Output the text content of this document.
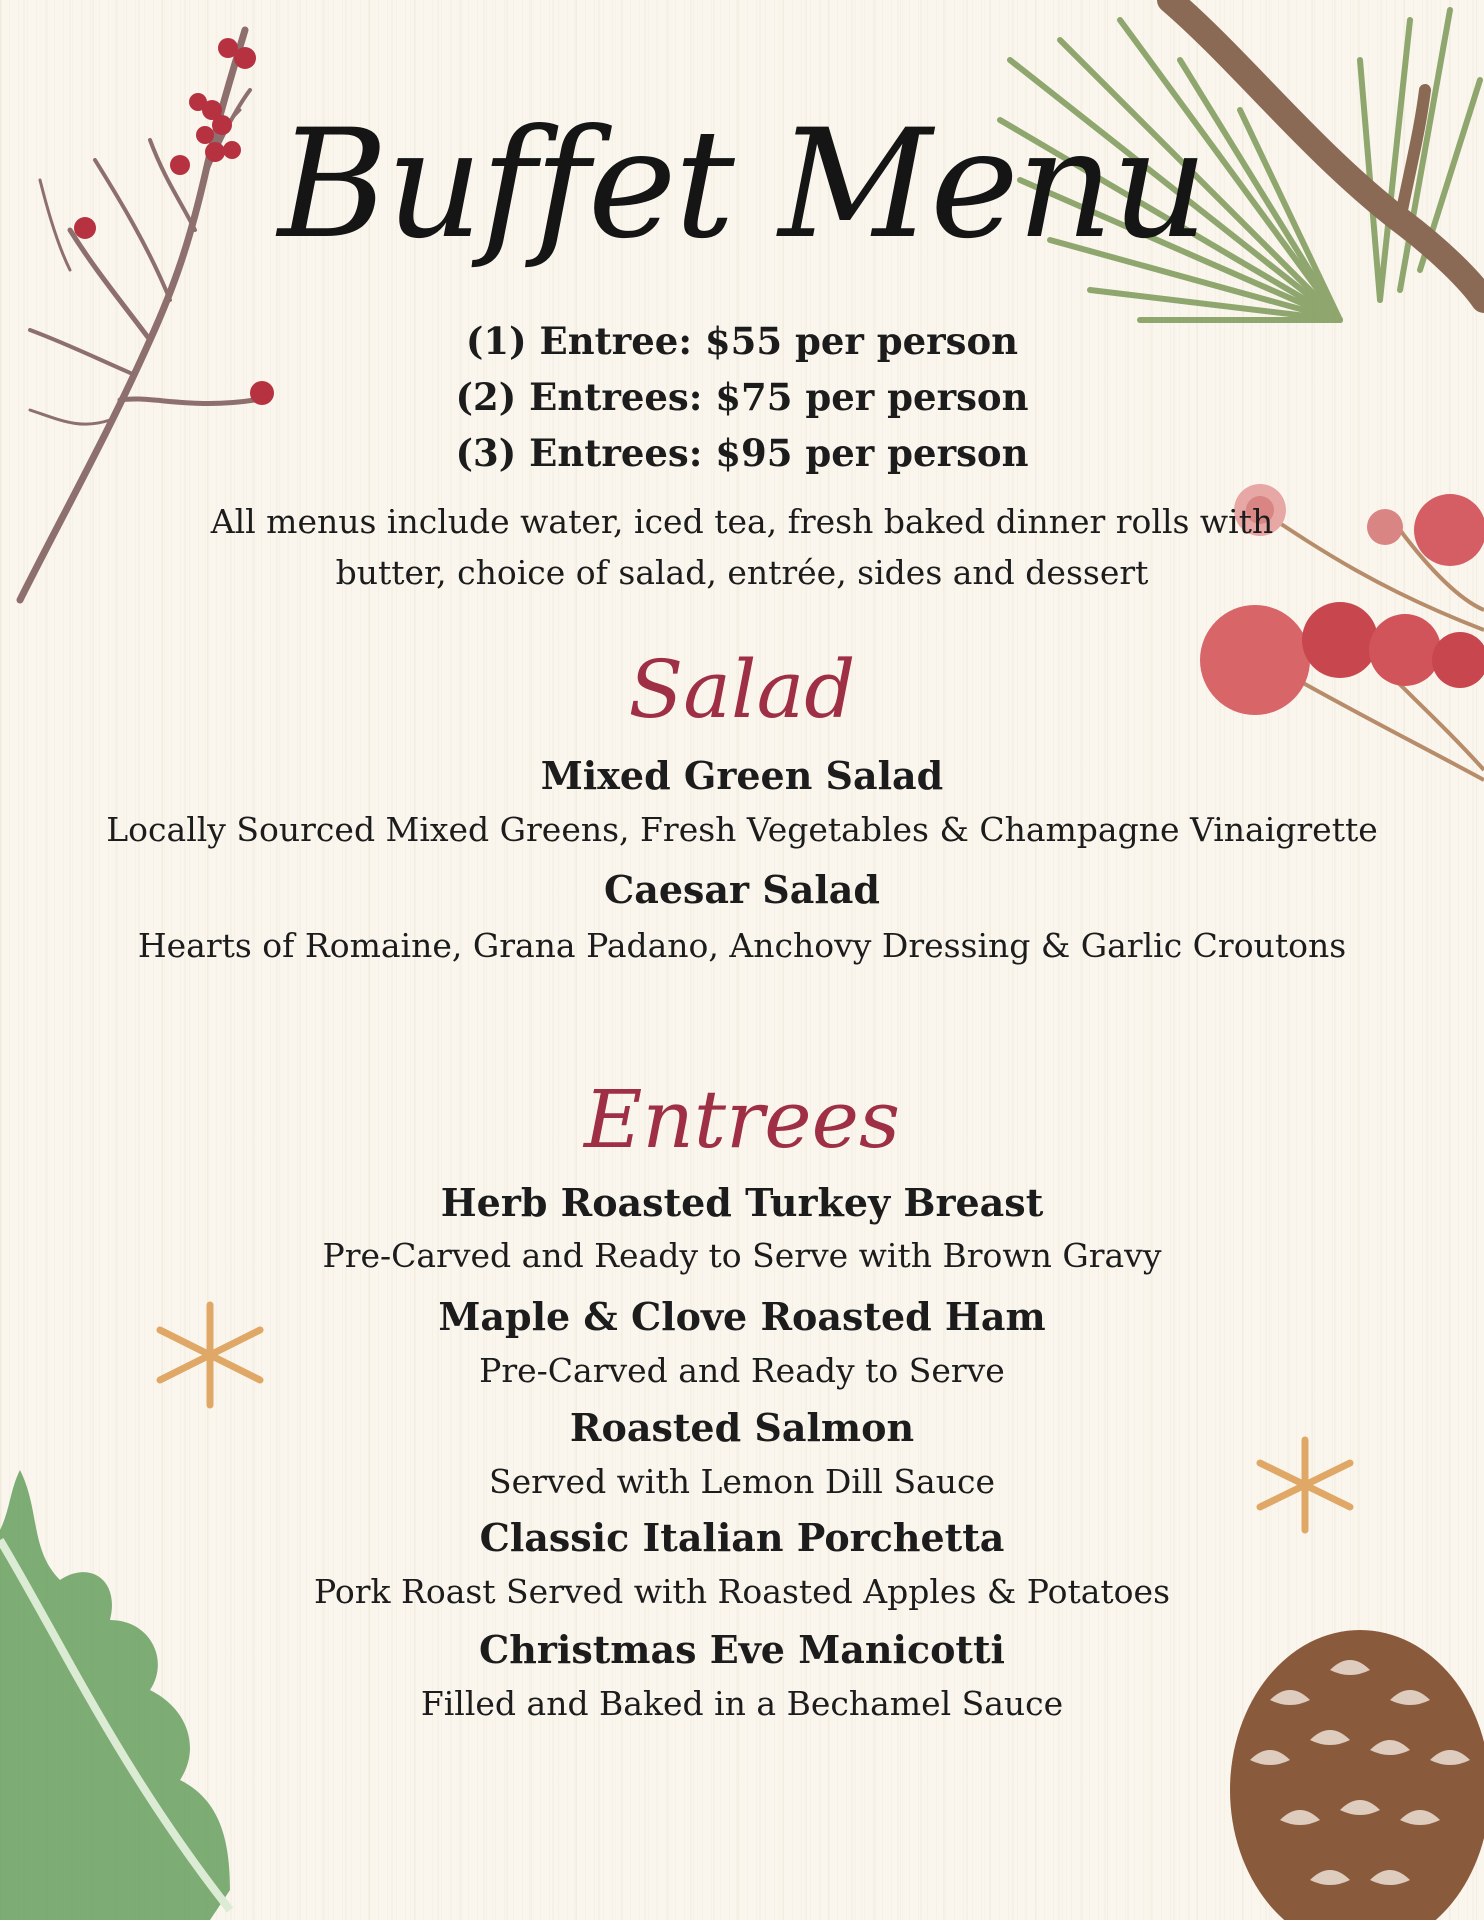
Buffet Menu
(1) Entree: $55 per person
(2) Entrees: $75 per person
(3) Entrees: $95 per person
All menus include water, iced tea, fresh baked dinner rolls with
butter, choice of salad, entrée, sides and dessert
Salad
Mixed Green Salad
Locally Sourced Mixed Greens, Fresh Vegetables & Champagne Vinaigrette
Caesar Salad
Hearts of Romaine, Grana Padano, Anchovy Dressing & Garlic Croutons
Entrees
Herb Roasted Turkey Breast
Pre-Carved and Ready to Serve with Brown Gravy
Maple & Clove Roasted Ham
Pre-Carved and Ready to Serve
Roasted Salmon
Served with Lemon Dill Sauce
Classic Italian Porchetta
Pork Roast Served with Roasted Apples & Potatoes
Christmas Eve Manicotti
Filled and Baked in a Bechamel Sauce
